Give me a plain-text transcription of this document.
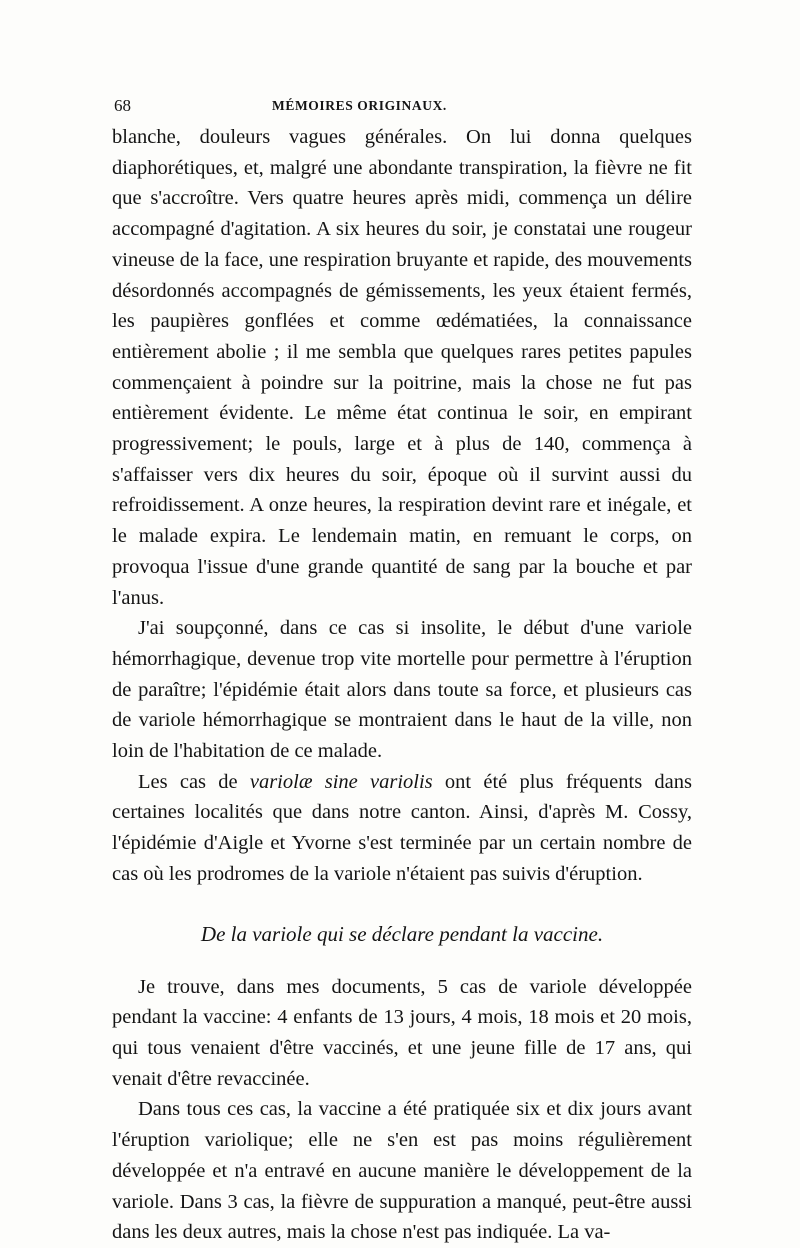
68	MÉMOIRES ORIGINAUX.

blanche, douleurs vagues générales. On lui donna quelques diaphorétiques, et, malgré une abondante transpiration, la fièvre ne fit que s'accroître. Vers quatre heures après midi, commença un délire accompagné d'agitation. A six heures du soir, je constatai une rougeur vineuse de la face, une respiration bruyante et rapide, des mouvements désordonnés accompagnés de gémissements, les yeux étaient fermés, les paupières gonflées et comme œdématiées, la connaissance entièrement abolie ; il me sembla que quelques rares petites papules commençaient à poindre sur la poitrine, mais la chose ne fut pas entièrement évidente. Le même état continua le soir, en empirant progressivement; le pouls, large et à plus de 140, commença à s'affaisser vers dix heures du soir, époque où il survint aussi du refroidissement. A onze heures, la respiration devint rare et inégale, et le malade expira. Le lendemain matin, en remuant le corps, on provoqua l'issue d'une grande quantité de sang par la bouche et par l'anus.

J'ai soupçonné, dans ce cas si insolite, le début d'une variole hémorrhagique, devenue trop vite mortelle pour permettre à l'éruption de paraître; l'épidémie était alors dans toute sa force, et plusieurs cas de variole hémorrhagique se montraient dans le haut de la ville, non loin de l'habitation de ce malade.

Les cas de variolæ sine variolis ont été plus fréquents dans certaines localités que dans notre canton. Ainsi, d'après M. Cossy, l'épidémie d'Aigle et Yvorne s'est terminée par un certain nombre de cas où les prodromes de la variole n'étaient pas suivis d'éruption.

De la variole qui se déclare pendant la vaccine.

Je trouve, dans mes documents, 5 cas de variole développée pendant la vaccine: 4 enfants de 13 jours, 4 mois, 18 mois et 20 mois, qui tous venaient d'être vaccinés, et une jeune fille de 17 ans, qui venait d'être revaccinée.

Dans tous ces cas, la vaccine a été pratiquée six et dix jours avant l'éruption variolique; elle ne s'en est pas moins régulièrement développée et n'a entravé en aucune manière le développement de la variole. Dans 3 cas, la fièvre de suppuration a manqué, peut-être aussi dans les deux autres, mais la chose n'est pas indiquée. La va-
